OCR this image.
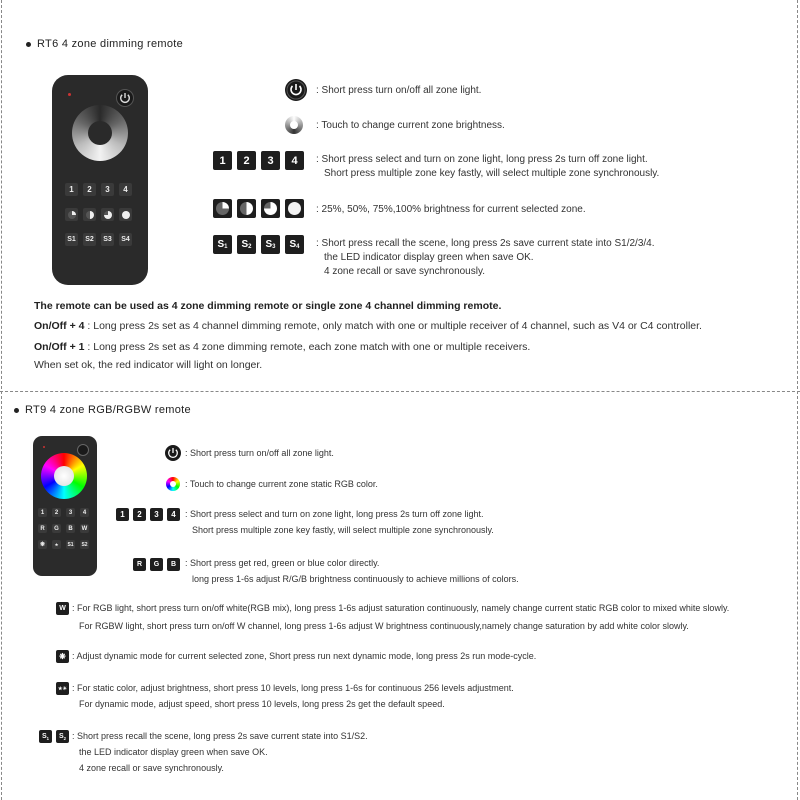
RT6 4 zone dimming remote
1	2	3	4
S1	S2	S3	S4
: Short press turn on/off all zone light.
: Touch to change current zone brightness.
1	2	3	4	: Short press select and turn on zone light, long press 2s turn off zone light.
Short press multiple zone key fastly, will select multiple zone synchronously.
: 25%, 50%, 75%,100% brightness for current selected zone.
$S_1$ $S_2$ $S_3$ $S_4$ : Short press recall the scene, long press 2s save current state into S1/2/3/4.
the LED indicator display green when save OK.
4 zone recall or save synchronously.
The remote can be used as 4 zone dimming remote or single zone 4 channel dimming remote.
On/Off + 4 : Long press 2s set as 4 channel dimming remote, only match with one or multiple receiver of 4 channel, such as V4 or C4 controller.
On/Off + 1 : Long press 2s set as 4 zone dimming remote, each zone match with one or multiple receivers.
When set ok, the red indicator will light on longer.
RT9 4 zone RGB/RGBW remote
1	2	3	4
R	G	B	W
❋	★	S1 S2
: Short press turn on/off all zone light.
: Touch to change current zone static RGB color.
1	2	3	4	: Short press select and turn on zone light, long press 2s turn off zone light.
Short press multiple zone key fastly, will select multiple zone synchronously.
R	G	B : Short press get red, green or blue color directly.
long press 1-6s adjust R/G/B brightness continuously to achieve millions of colors.
W : For RGB light, short press turn on/off white(RGB mix), long press 1-6s adjust saturation continuously, namely change current static RGB color to mixed white slowly.
For RGBW light, short press turn on/off W channel, long press 1-6s adjust W brightness continuously,namely change saturation by add white color slowly.
❋ : Adjust dynamic mode for current selected zone, Short press run next dynamic mode, long press 2s run mode-cycle.
★☀ : For static color, adjust brightness, short press 10 levels, long press 1-6s for continuous 256 levels adjustment.
For dynamic mode, adjust speed, short press 10 levels, long press 2s get the default speed.
$S_1$ $S_2$ : Short press recall the scene, long press 2s save current state into S1/S2.
the LED indicator display green when save OK.
4 zone recall or save synchronously.
